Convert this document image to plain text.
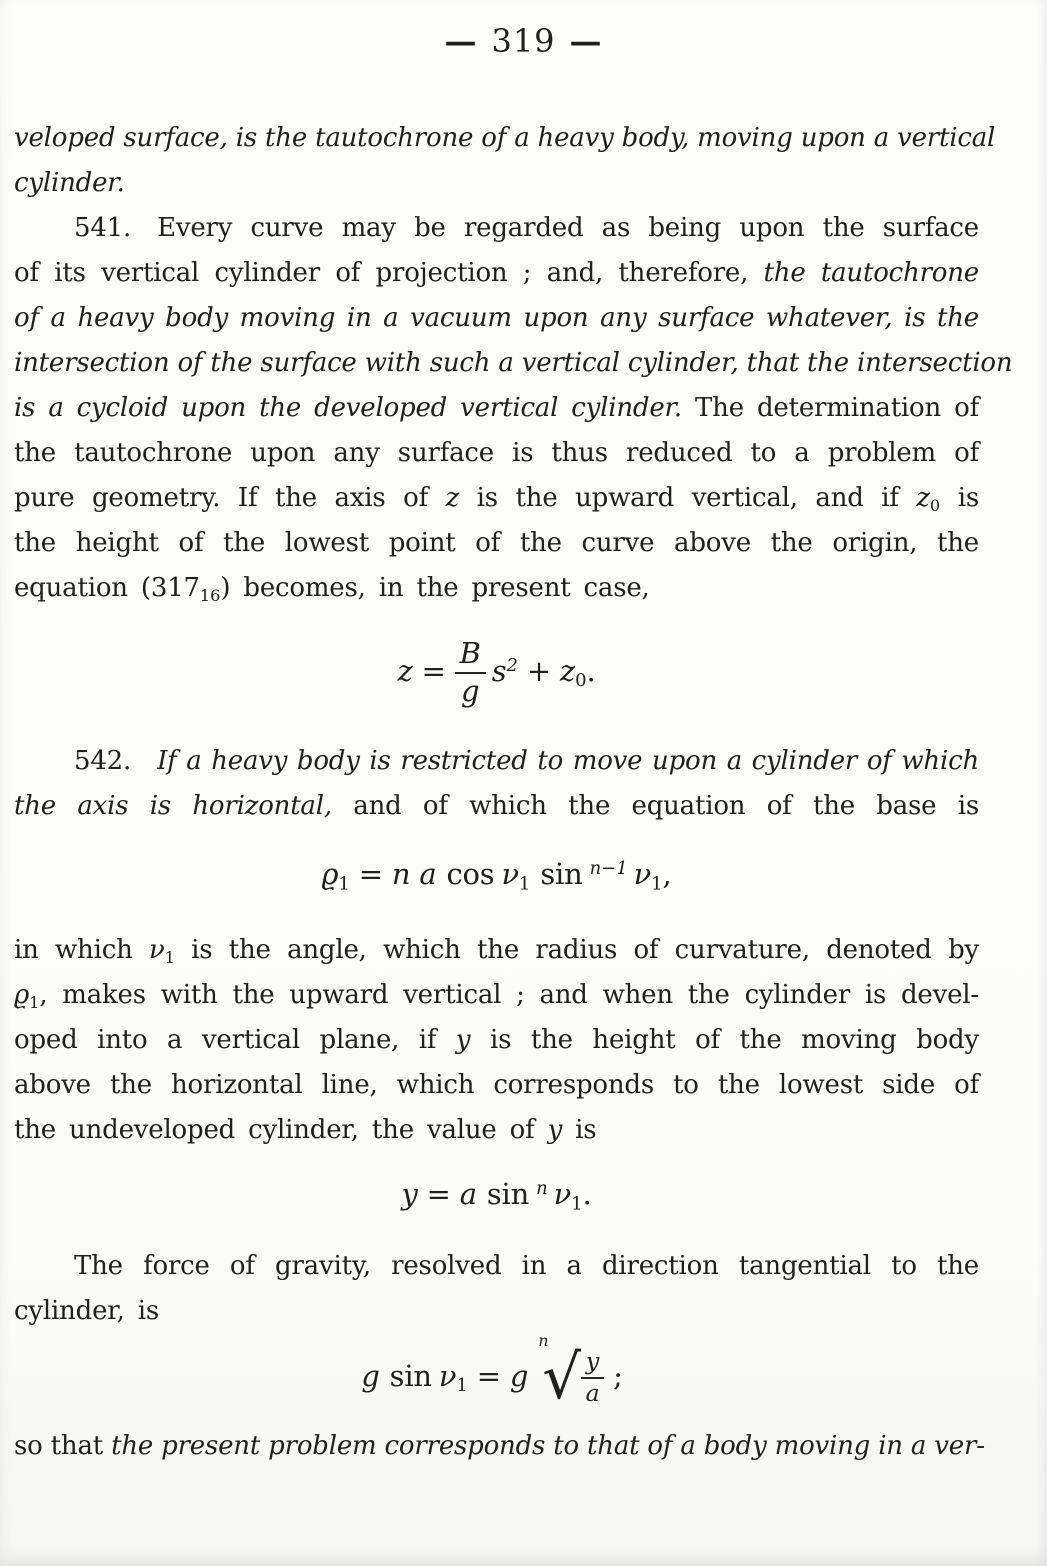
— 319 —
veloped surface, is the tautochrone of a heavy body, moving upon a vertical
cylinder.
541. Every curve may be regarded as being upon the surface
of its vertical cylinder of projection ; and, therefore, the tautochrone
of a heavy body moving in a vacuum upon any surface whatever, is the
intersection of the surface with such a vertical cylinder, that the intersection
is a cycloid upon the developed vertical cylinder. The determination of
the tautochrone upon any surface is thus reduced to a problem of
pure geometry. If the axis of z is the upward vertical, and if $z_0$ is
the height of the lowest point of the curve above the origin, the
equation $(317_{16})$ becomes, in the present case,
$z = \frac{B}{g} s^2 + z_0$.
542. If a heavy body is restricted to move upon a cylinder of which
the axis is horizontal, and of which the equation of the base is
$ϱ_1 = n$ a $\cos \nu_1$ sin $^{n-1}$ $\nu_1$,
in which $\nu_1$ is the angle, which the radius of curvature, denoted by
$ϱ_1$, makes with the upward vertical ; and when the cylinder is devel-
oped into a vertical plane, if y is the height of the moving body
above the horizontal line, which corresponds to the lowest side of
the undeveloped cylinder, the value of y is
y = a sin $^n$ $\nu_1$.
The force of gravity, resolved in a direction tangential to the
cylinder, is
g $\sin \nu_1 = g$
n
√ $\frac{y}{a}$ ;
so that the present problem corresponds to that of a body moving in a ver-
